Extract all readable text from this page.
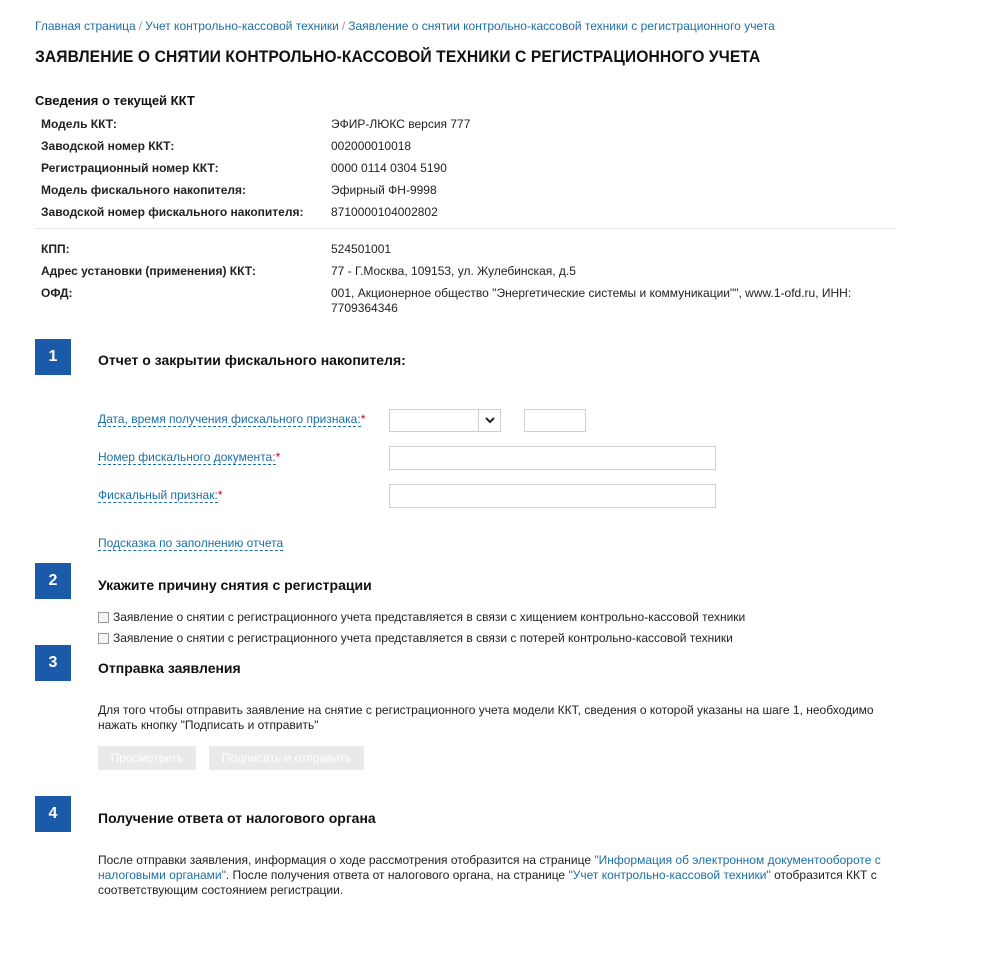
Главная страница / Учет контрольно-кассовой техники / Заявление о снятии контрольно-кассовой техники с регистрационного учета
ЗАЯВЛЕНИЕ О СНЯТИИ КОНТРОЛЬНО-КАССОВОЙ ТЕХНИКИ С РЕГИСТРАЦИОННОГО УЧЕТА
Сведения о текущей ККТ
Модель ККТ:	ЭФИР-ЛЮКС версия 777
Заводской номер ККТ:	002000010018
Регистрационный номер ККТ:	0000 0114 0304 5190
Модель фискального накопителя:	Эфирный ФН-9998
Заводской номер фискального накопителя: 8710000104002802
КПП:	524501001
Адрес установки (применения) ККТ:	77 - Г.Москва, 109153, ул. Жулебинская, д.5
ОФД:	001, Акционерное общество "Энергетические системы и коммуникации"", www.1-ofd.ru, ИНН: 7709364346
1	Отчет о закрытии фискального накопителя:
Дата, время получения фискального признака:*
Номер фискального документа:*
Фискальный признак:*
Подсказка по заполнению отчета
2	Укажите причину снятия с регистрации
Заявление о снятии с регистрационного учета представляется в связи с хищением контрольно-кассовой техники
Заявление о снятии с регистрационного учета представляется в связи с потерей контрольно-кассовой техники
3	Отправка заявления
Для того чтобы отправить заявление на снятие с регистрационного учета модели ККТ, сведения о которой указаны на шаге 1, необходимо нажать кнопку "Подписать и отправить"
Просмотреть	Подписать и отправить
4	Получение ответа от налогового органа
После отправки заявления, информация о ходе рассмотрения отобразится на странице "Информация об электронном документообороте с налоговыми органами". После получения ответа от налогового органа, на странице "Учет контрольно-кассовой техники" отобразится ККТ с соответствующим состоянием регистрации.
